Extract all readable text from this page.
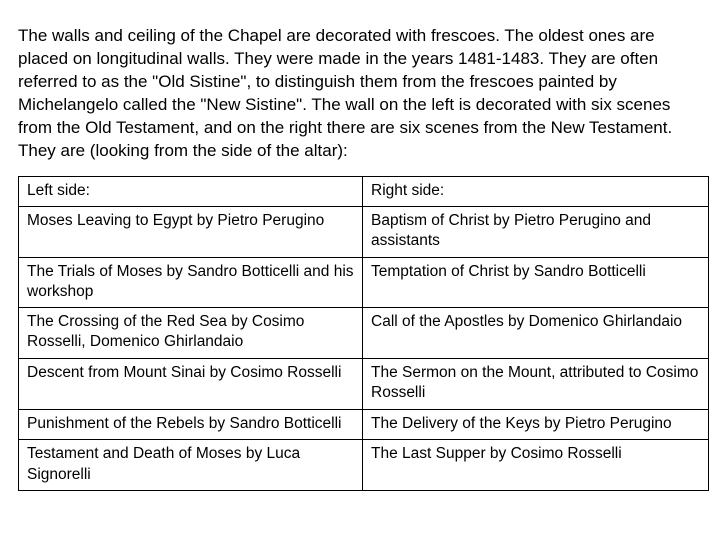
The walls and ceiling of the Chapel are decorated with frescoes. The oldest ones are placed on longitudinal walls. They were made in the years 1481-1483. They are often referred to as the "Old Sistine", to distinguish them from the frescoes painted by Michelangelo called the "New Sistine". The wall on the left is decorated with six scenes from the Old Testament, and on the right there are six scenes from the New Testament. They are (looking from the side of the altar):

Left side:	Right side:
Moses Leaving to Egypt by Pietro Perugino	Baptism of Christ by Pietro Perugino and assistants
The Trials of Moses by Sandro Botticelli and his workshop	Temptation of Christ by Sandro Botticelli
The Crossing of the Red Sea by Cosimo Rosselli, Domenico Ghirlandaio	Call of the Apostles by Domenico Ghirlandaio
Descent from Mount Sinai by Cosimo Rosselli	The Sermon on the Mount, attributed to Cosimo Rosselli
Punishment of the Rebels by Sandro Botticelli	The Delivery of the Keys by Pietro Perugino
Testament and Death of Moses by Luca Signorelli	The Last Supper by Cosimo Rosselli
